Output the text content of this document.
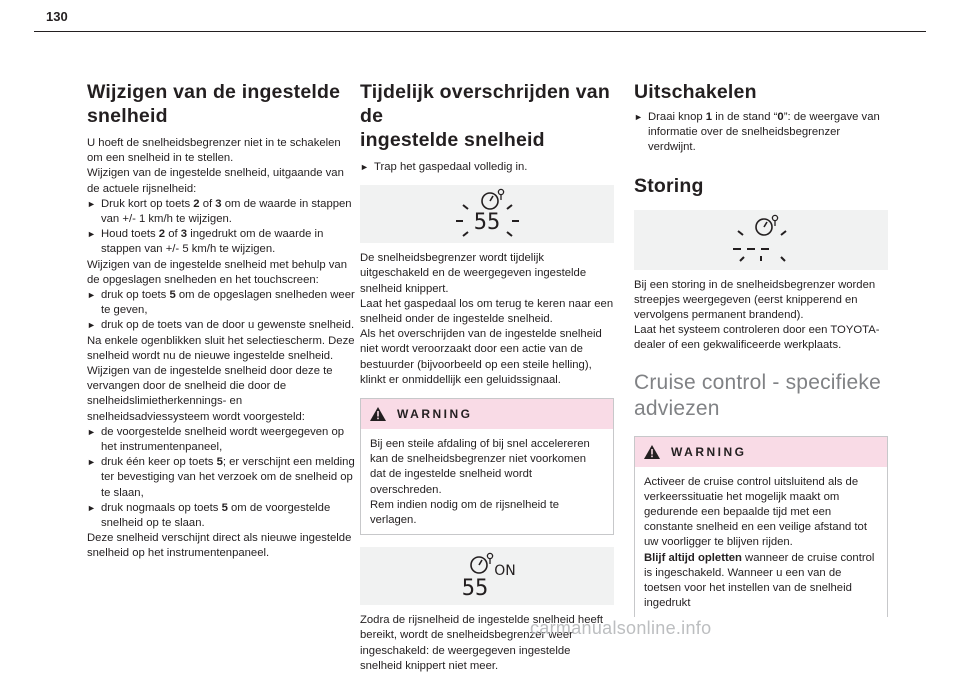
130
Wijzigen van de ingestelde
snelheid

U hoeft de snelheidsbegrenzer niet in te schakelen om een snelheid in te stellen.

Wijzigen van de ingestelde snelheid, uitgaande van de actuele rijsnelheid:

► Druk kort op toets 2 of 3 om de waarde in stappen van +/- 1 km/h te wijzigen.

► Houd toets 2 of 3 ingedrukt om de waarde in stappen van +/- 5 km/h te wijzigen.

Wijzigen van de ingestelde snelheid met behulp van de opgeslagen snelheden en het touchscreen:

► druk op toets 5 om de opgeslagen snelheden weer te geven,

► druk op de toets van de door u gewenste snelheid.

Na enkele ogenblikken sluit het selectiescherm. Deze snelheid wordt nu de nieuwe ingestelde snelheid.

Wijzigen van de ingestelde snelheid door deze te vervangen door de snelheid die door de snelheidslimietherkennings- en snelheidsadviessysteem wordt voorgesteld:

► de voorgestelde snelheid wordt weergegeven op het instrumentenpaneel,

► druk één keer op toets 5; er verschijnt een melding ter bevestiging van het verzoek om de snelheid op te slaan,

► druk nogmaals op toets 5 om de voorgestelde snelheid op te slaan.

Deze snelheid verschijnt direct als nieuwe ingestelde snelheid op het instrumentenpaneel.

Tijdelijk overschrijden van de
ingestelde snelheid

► Trap het gaspedaal volledig in.

55

De snelheidsbegrenzer wordt tijdelijk uitgeschakeld en de weergegeven ingestelde snelheid knippert.

Laat het gaspedaal los om terug te keren naar een snelheid onder de ingestelde snelheid.

Als het overschrijden van de ingestelde snelheid niet wordt veroorzaakt door een actie van de bestuurder (bijvoorbeeld op een steile helling), klinkt er onmiddellijk een geluidssignaal.

WARNING

Bij een steile afdaling of bij snel accelereren kan de snelheidsbegrenzer niet voorkomen dat de ingestelde snelheid wordt overschreden.

Rem indien nodig om de rijsnelheid te verlagen.

55
ON

Zodra de rijsnelheid de ingestelde snelheid heeft bereikt, wordt de snelheidsbegrenzer weer ingeschakeld: de weergegeven ingestelde snelheid knippert niet meer.

Uitschakelen

► Draai knop 1 in de stand “0”: de weergave van informatie over de snelheidsbegrenzer verdwijnt.

Storing

Bij een storing in de snelheidsbegrenzer worden streepjes weergegeven (eerst knipperend en vervolgens permanent brandend).

Laat het systeem controleren door een TOYOTA-dealer of een gekwalificeerde werkplaats.

Cruise control - specifieke
adviezen
WARNING

Activeer de cruise control uitsluitend als de verkeerssituatie het mogelijk maakt om gedurende een bepaalde tijd met een constante snelheid en een veilige afstand tot uw voorligger te blijven rijden.

Blijf altijd opletten wanneer de cruise control is ingeschakeld. Wanneer u een van de toetsen voor het instellen van de snelheid ingedrukt

carmanualsonline.info
